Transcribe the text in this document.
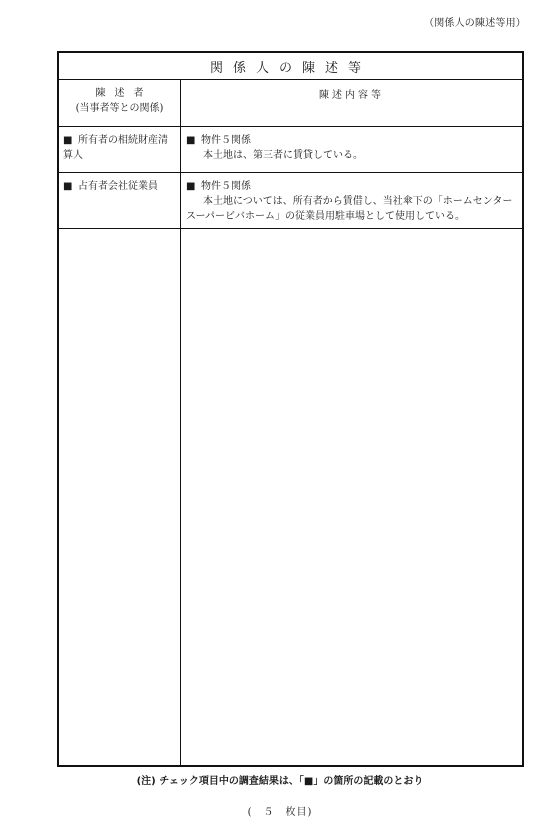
（関係人の陳述等用）
関係人の陳述等
陳述者
(当事者等との関係)
陳述内容等
■ 所有者の相続財産清
算人
■ 物件５関係
本土地は、第三者に賃貸している。
■ 占有者会社従業員	■ 物件５関係
本土地については、所有者から賃借し、当社傘下の「ホームセンター
スーパービバホーム」の従業員用駐車場として使用している。
(注) チェック項目中の調査結果は、「■」の箇所の記載のとおり
(　５　枚目)
